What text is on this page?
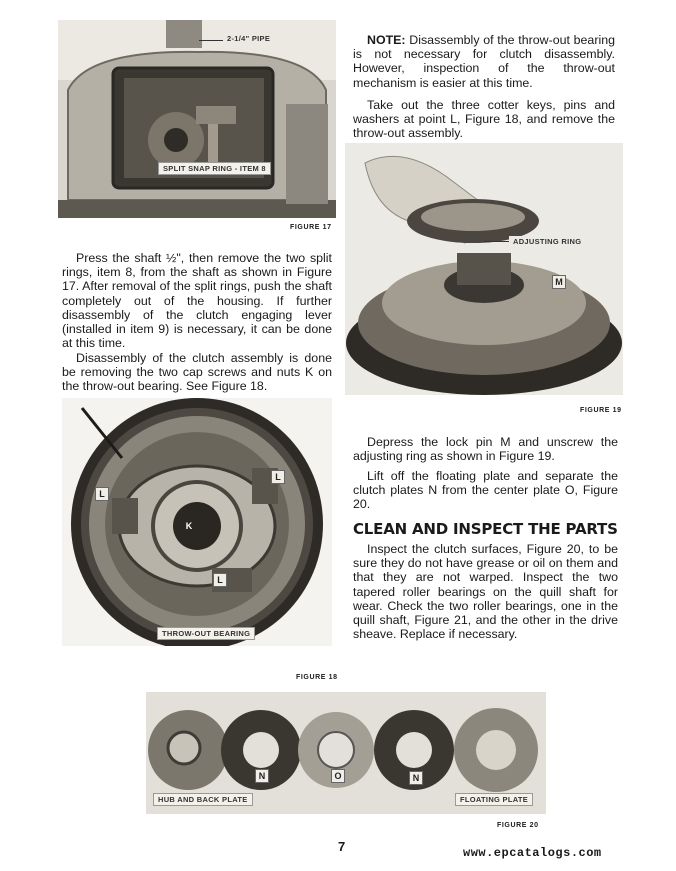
2-1/4" PIPE
SPLIT SNAP RING - ITEM 8
FIGURE 17

Press the shaft ½", then remove the two split rings, item 8, from the shaft as shown in Figure 17. After removal of the split rings, push the shaft completely out of the housing. If further disassembly of the clutch engaging lever (installed in item 9) is necessary, it can be done at this time.

Disassembly of the clutch assembly is done be removing the two cap screws and nuts K on the throw-out bearing. See Figure 18.

L
L
L
K
THROW-OUT BEARING
FIGURE 18

NOTE: Disassembly of the throw-out bearing is not necessary for clutch disassembly. However, inspection of the throw-out mechanism is easier at this time.

Take out the three cotter keys, pins and washers at point L, Figure 18, and remove the throw-out assembly.

ADJUSTING RING
M
FIGURE 19

Depress the lock pin M and unscrew the adjusting ring as shown in Figure 19.

Lift off the floating plate and separate the clutch plates N from the center plate O, Figure 20.

CLEAN AND INSPECT THE PARTS

Inspect the clutch surfaces, Figure 20, to be sure they do not have grease or oil on them and that they are not warped. Inspect the two tapered roller bearings on the quill shaft for wear. Check the two roller bearings, one in the quill shaft, Figure 21, and the other in the drive sheave. Replace if necessary.

N	O	N
HUB AND BACK PLATE	FLOATING PLATE
FIGURE 20
7	www.epcatalogs.com
